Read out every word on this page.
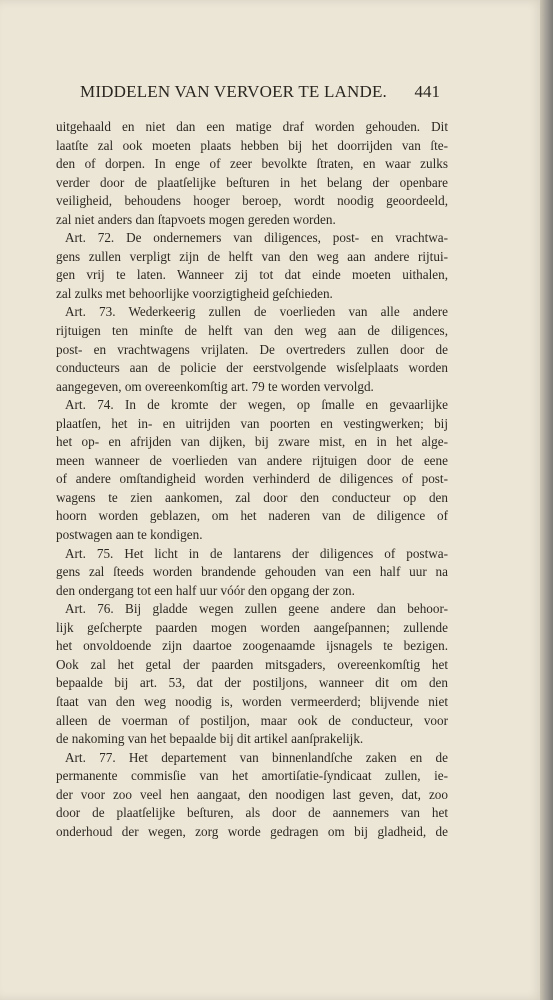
MIDDELEN VAN VERVOER TE LANDE. 441
uitgehaald en niet dan een matige draf worden gehouden. Dit
laatſte zal ook moeten plaats hebben bij het doorrijden van ſte-
den of dorpen. In enge of zeer bevolkte ſtraten, en waar zulks
verder door de plaatſelijke beſturen in het belang der openbare
veiligheid, behoudens hooger beroep, wordt noodig geoordeeld,
zal niet anders dan ſtapvoets mogen gereden worden.
Art. 72. De ondernemers van diligences, post- en vrachtwa-
gens zullen verpligt zijn de helft van den weg aan andere rijtui-
gen vrij te laten. Wanneer zij tot dat einde moeten uithalen,
zal zulks met behoorlijke voorzigtigheid geſchieden.
Art. 73. Wederkeerig zullen de voerlieden van alle andere
rijtuigen ten minſte de helft van den weg aan de diligences,
post- en vrachtwagens vrijlaten. De overtreders zullen door de
conducteurs aan de policie der eerstvolgende wisſelplaats worden
aangegeven, om overeenkomſtig art. 79 te worden vervolgd.
Art. 74. In de kromte der wegen, op ſmalle en gevaarlijke
plaatſen, het in- en uitrijden van poorten en vestingwerken; bij
het op- en afrijden van dijken, bij zware mist, en in het alge-
meen wanneer de voerlieden van andere rijtuigen door de eene
of andere omſtandigheid worden verhinderd de diligences of post-
wagens te zien aankomen, zal door den conducteur op den
hoorn worden geblazen, om het naderen van de diligence of
postwagen aan te kondigen.
Art. 75. Het licht in de lantarens der diligences of postwa-
gens zal ſteeds worden brandende gehouden van een half uur na
den ondergang tot een half uur vóór den opgang der zon.
Art. 76. Bij gladde wegen zullen geene andere dan behoor-
lijk geſcherpte paarden mogen worden aangeſpannen; zullende
het onvoldoende zijn daartoe zoogenaamde ijsnagels te bezigen.
Ook zal het getal der paarden mitsgaders, overeenkomſtig het
bepaalde bij art. 53, dat der postiljons, wanneer dit om den
ſtaat van den weg noodig is, worden vermeerderd; blijvende niet
alleen de voerman of postiljon, maar ook de conducteur, voor
de nakoming van het bepaalde bij dit artikel aanſprakelijk.
Art. 77. Het departement van binnenlandſche zaken en de
permanente commisſie van het amortiſatie-ſyndicaat zullen, ie-
der voor zoo veel hen aangaat, den noodigen last geven, dat, zoo
door de plaatſelijke beſturen, als door de aannemers van het
onderhoud der wegen, zorg worde gedragen om bij gladheid, de
